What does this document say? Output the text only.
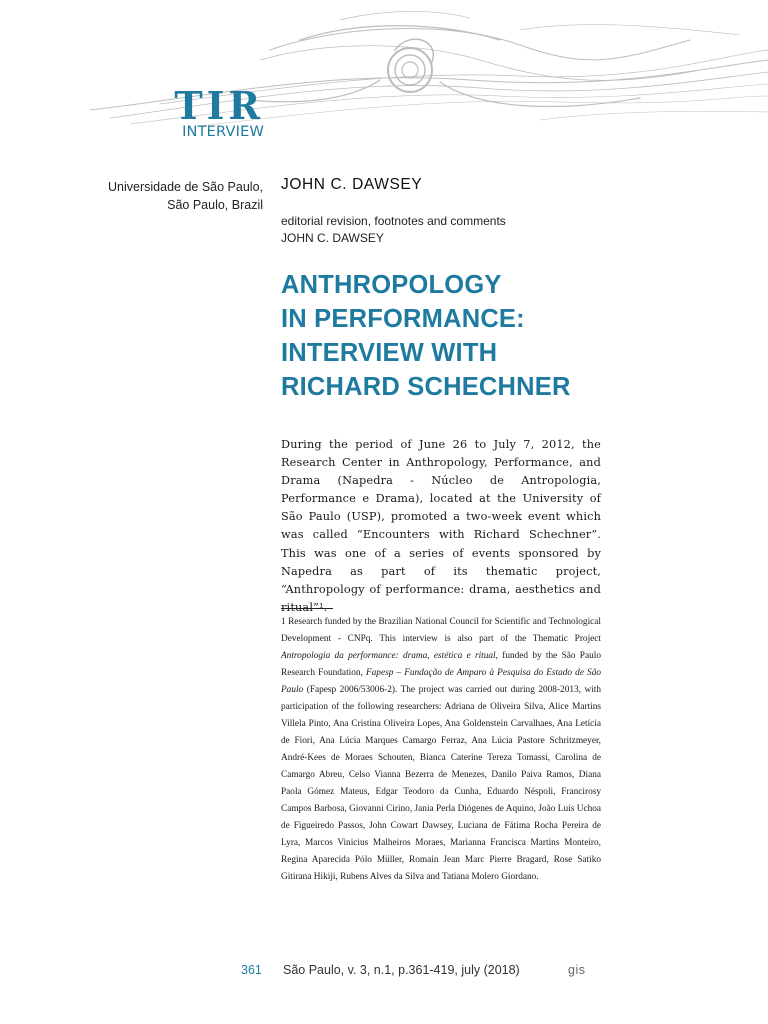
TIR
INTERVIEW
Universidade de São Paulo,
São Paulo, Brazil
JOHN C. DAWSEY
editorial revision, footnotes and comments
JOHN C. DAWSEY
ANTHROPOLOGY
IN PERFORMANCE:
INTERVIEW WITH
RICHARD SCHECHNER
During the period of June 26 to July 7, 2012, the Research Center in Anthropology, Performance, and Drama (Napedra - Núcleo de Antropologia, Performance e Drama), located at the University of São Paulo (USP), promoted a two-week event which was called “Encounters with Richard Schechner”. This was one of a series of events sponsored by Napedra as part of its thematic project, “Anthropology of performance: drama, aesthetics and
1 Research funded by the Brazilian National Council for Scientific and Technological Development - CNPq. This interview is also part of the Thematic Project Antropologia da performance: drama, estética e ritual, funded by the São Paulo Research Foundation, Fapesp – Fundação de Amparo à Pesquisa do Estado de São Paulo (Fapesp 2006/53006-2). The project was carried out during 2008-2013, with participation of the following researchers: Adriana de Oliveira Silva, Alice Martins Villela Pinto, Ana Cristina Oliveira Lopes, Ana Goldenstein Carvalhaes, Ana Letícia de Fiori, Ana Lúcia Marques Camargo Ferraz, Ana Lúcia Pastore Schritzmeyer, André-Kees de Moraes Schouten, Bianca Caterine Tereza Tomassi, Carolina de Camargo Abreu, Celso Vianna Bezerra de Menezes, Danilo Paiva Ramos, Diana Paola Gómez Mateus, Edgar Teodoro da Cunha, Eduardo Néspoli, Francirosy Campos Barbosa, Giovanni Cirino, Jania Perla Diógenes de Aquino, João Luis Uchoa de Figueiredo Passos, John Cowart Dawsey, Luciana de Fátima Rocha Pereira de Lyra, Marcos Vinicius Malheiros Moraes, Marianna Francisca Martins Monteiro, Regina Aparecida Pólo Müller, Romain Jean Marc Pierre Bragard, Rose Satiko Gitirana Hikiji, Rubens Alves da Silva and Tatiana Molero Giordano.
361 São Paulo, v. 3, n.1, p.361-419, july (2018)	gis
